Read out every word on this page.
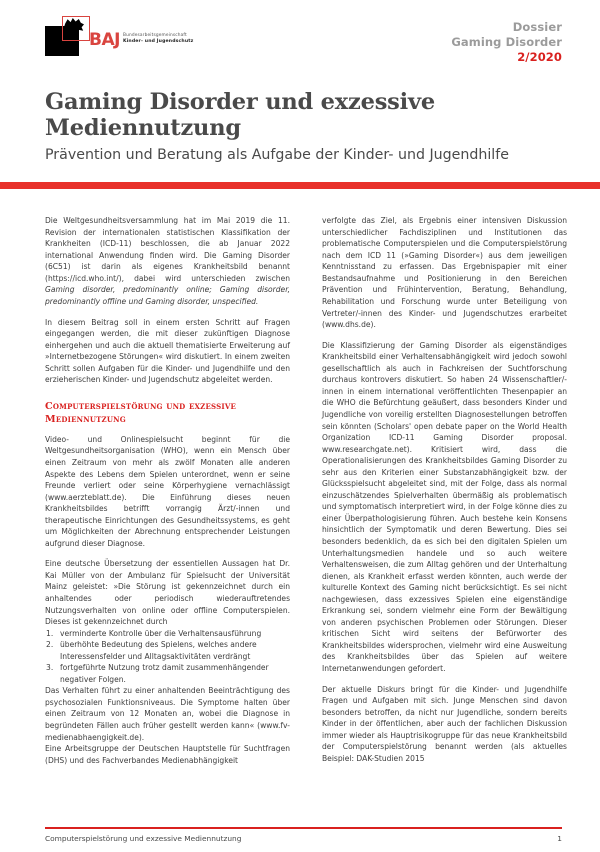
BAJ Bundesarbeitsgemeinschaft
Kinder- und Jugendschutz
Dossier
Gaming Disorder
2/2020
Gaming Disorder und exzessive Mediennutzung
Prävention und Beratung als Aufgabe der Kinder- und Jugendhilfe

Die Weltgesundheitsversammlung hat im Mai 2019 die 11. Revision der internationalen statistischen Klassifikation der Krankheiten (ICD-11) beschlossen, die ab Januar 2022 international Anwendung finden wird. Die Gaming Disorder (6C51) ist darin als eigenes Krankheitsbild benannt (https://icd.who.int/), dabei wird unterschieden zwischen Gaming disorder, predominantly online; Gaming disorder, predominantly offline und Gaming disorder, unspecified.

In diesem Beitrag soll in einem ersten Schritt auf Fragen eingegangen werden, die mit dieser zukünftigen Diagnose einhergehen und auch die aktuell thematisierte Erweiterung auf »Internetbezogene Störungen« wird diskutiert. In einem zweiten Schritt sollen Aufgaben für die Kinder- und Jugendhilfe und den erzieherischen Kinder- und Jugendschutz abgeleitet werden.

Computerspielstörung und exzessive Mediennutzung

Video- und Onlinespielsucht beginnt für die Weltgesundheitsorganisation (WHO), wenn ein Mensch über einen Zeitraum von mehr als zwölf Monaten alle anderen Aspekte des Lebens dem Spielen unterordnet, wenn er seine Freunde verliert oder seine Körperhygiene vernachlässigt (www.aerzteblatt.de). Die Einführung dieses neuen Krankheitsbildes betrifft vorrangig Ärzt/-innen und therapeutische Einrichtungen des Gesundheitssystems, es geht um Möglichkeiten der Abrechnung entsprechender Leistungen aufgrund dieser Diagnose.

Eine deutsche Übersetzung der essentiellen Aussagen hat Dr. Kai Müller von der Ambulanz für Spielsucht der Universität Mainz geleistet: »Die Störung ist gekennzeichnet durch ein anhaltendes oder periodisch wiederauftretendes Nutzungsverhalten von online oder offline Computerspielen. Dieses ist gekennzeichnet durch

verminderte Kontrolle über die Verhaltensausführung
überhöhte Bedeutung des Spielens, welches andere Interessensfelder und Alltagsaktivitäten verdrängt
fortgeführte Nutzung trotz damit zusammenhängender negativer Folgen.

Das Verhalten führt zu einer anhaltenden Beeinträchtigung des psychosozialen Funktionsniveaus. Die Symptome halten über einen Zeitraum von 12 Monaten an, wobei die Diagnose in begründeten Fällen auch früher gestellt werden kann« (www.fv-medienabhaengigkeit.de).

Eine Arbeitsgruppe der Deutschen Hauptstelle für Suchtfragen (DHS) und des Fachverbandes Medienabhängigkeit

verfolgte das Ziel, als Ergebnis einer intensiven Diskussion unterschiedlicher Fachdisziplinen und Institutionen das problematische Computerspielen und die Computerspielstörung nach dem ICD 11 (»Gaming Disorder«) aus dem jeweiligen Kenntnisstand zu erfassen. Das Ergebnispapier mit einer Bestandsaufnahme und Positionierung in den Bereichen Prävention und Frühintervention, Beratung, Behandlung, Rehabilitation und Forschung wurde unter Beteiligung von Vertreter/-innen des Kinder- und Jugendschutzes erarbeitet (www.dhs.de).

Die Klassifizierung der Gaming Disorder als eigenständiges Krankheitsbild einer Verhaltensabhängigkeit wird jedoch sowohl gesellschaftlich als auch in Fachkreisen der Suchtforschung durchaus kontrovers diskutiert. So haben 24 Wissenschaftler/-innen in einem international veröffentlichten Thesenpapier an die WHO die Befürchtung geäußert, dass besonders Kinder und Jugendliche von voreilig erstellten Diagnosestellungen betroffen sein könnten (Scholars' open debate paper on the World Health Organization ICD-11 Gaming Disorder proposal. www.researchgate.net). Kritisiert wird, dass die Operationalisierungen des Krankheitsbildes Gaming Disorder zu sehr aus den Kriterien einer Substanzabhängigkeit bzw. der Glücksspielsucht abgeleitet sind, mit der Folge, dass als normal einzuschätzendes Spielverhalten übermäßig als problematisch und symptomatisch interpretiert wird, in der Folge könne dies zu einer Überpathologisierung führen. Auch bestehe kein Konsens hinsichtlich der Symptomatik und deren Bewertung. Dies sei besonders bedenklich, da es sich bei den digitalen Spielen um Unterhaltungsmedien handele und so auch weitere Verhaltensweisen, die zum Alltag gehören und der Unterhaltung dienen, als Krankheit erfasst werden könnten, auch werde der kulturelle Kontext des Gaming nicht berücksichtigt. Es sei nicht nachgewiesen, dass exzessives Spielen eine eigenständige Erkrankung sei, sondern vielmehr eine Form der Bewältigung von anderen psychischen Problemen oder Störungen. Dieser kritischen Sicht wird seitens der Befürworter des Krankheitsbildes widersprochen, vielmehr wird eine Ausweitung des Krankheitsbildes über das Spielen auf weitere Internetanwendungen gefordert.

Der aktuelle Diskurs bringt für die Kinder- und Jugendhilfe Fragen und Aufgaben mit sich. Junge Menschen sind davon besonders betroffen, da nicht nur Jugendliche, sondern bereits Kinder in der öffentlichen, aber auch der fachlichen Diskussion immer wieder als Hauptrisikogruppe für das neue Krankheitsbild der Computerspielstörung benannt werden (als aktuelles Beispiel: DAK-Studien 2015

Computerspielstörung und exzessive Mediennutzung	1
